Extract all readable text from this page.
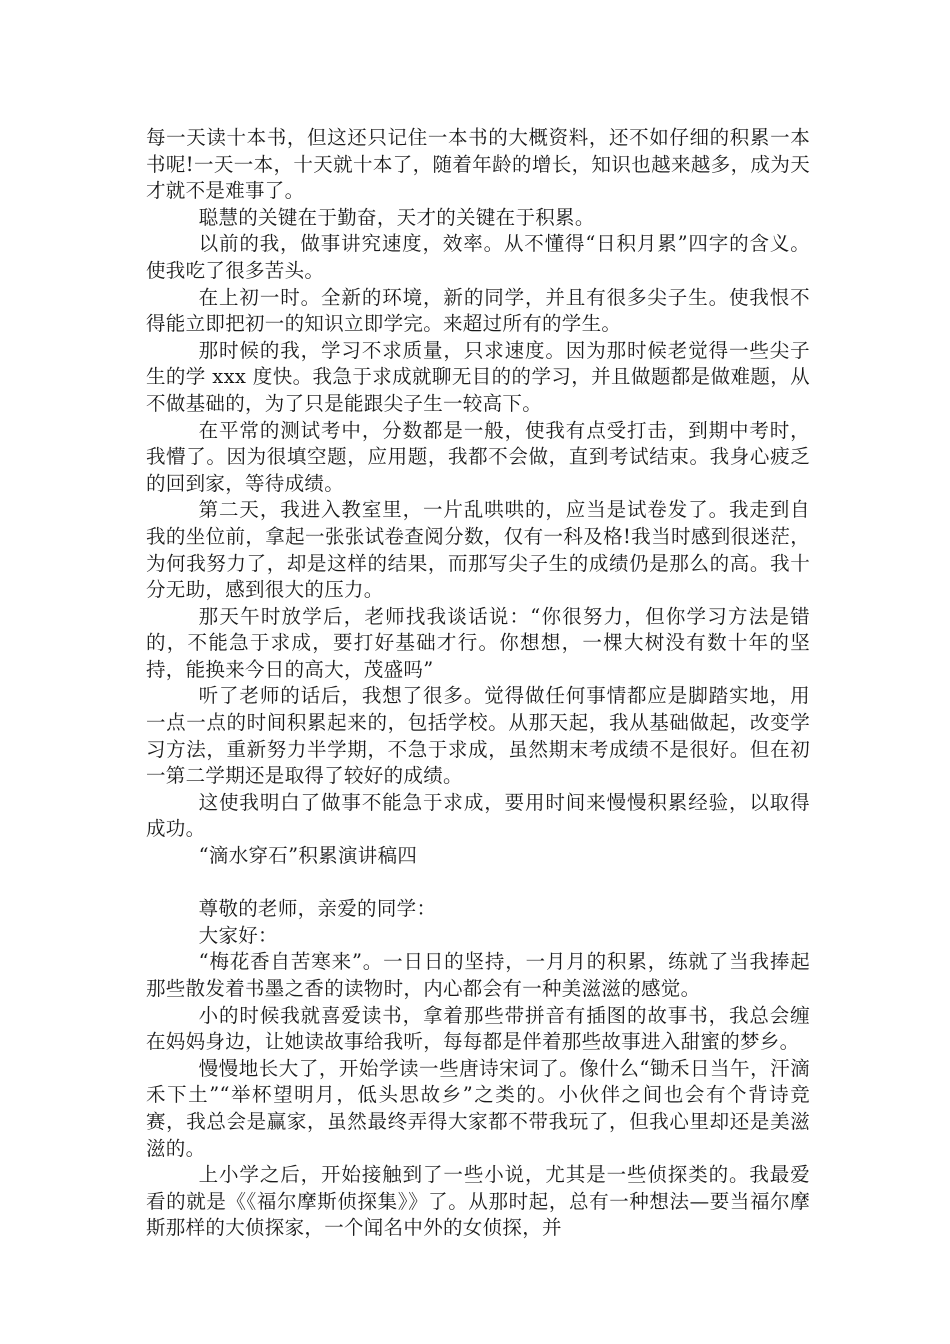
每一天读十本书，但这还只记住一本书的大概资料，还不如仔细的积累一本书呢!一天一本，十天就十本了，随着年龄的增长，知识也越来越多，成为天才就不是难事了。

聪慧的关键在于勤奋，天才的关键在于积累。

以前的我，做事讲究速度，效率。从不懂得“日积月累”四字的含义。使我吃了很多苦头。

在上初一时。全新的环境，新的同学，并且有很多尖子生。使我恨不得能立即把初一的知识立即学完。来超过所有的学生。

那时候的我，学习不求质量，只求速度。因为那时候老觉得一些尖子生的学 xxx 度快。我急于求成就聊无目的的学习，并且做题都是做难题，从不做基础的，为了只是能跟尖子生一较高下。

在平常的测试考中，分数都是一般，使我有点受打击，到期中考时，我懵了。因为很填空题，应用题，我都不会做，直到考试结束。我身心疲乏的回到家，等待成绩。

第二天，我进入教室里，一片乱哄哄的，应当是试卷发了。我走到自我的坐位前，拿起一张张试卷查阅分数，仅有一科及格!我当时感到很迷茫，为何我努力了，却是这样的结果，而那写尖子生的成绩仍是那么的高。我十分无助，感到很大的压力。

那天午时放学后，老师找我谈话说：“你很努力，但你学习方法是错的，不能急于求成，要打好基础才行。你想想，一棵大树没有数十年的坚持，能换来今日的高大，茂盛吗”

听了老师的话后，我想了很多。觉得做任何事情都应是脚踏实地，用一点一点的时间积累起来的，包括学校。从那天起，我从基础做起，改变学习方法，重新努力半学期，不急于求成，虽然期末考成绩不是很好。但在初一第二学期还是取得了较好的成绩。

这使我明白了做事不能急于求成，要用时间来慢慢积累经验，以取得成功。

“滴水穿石”积累演讲稿四

尊敬的老师，亲爱的同学：

大家好：

“梅花香自苦寒来”。一日日的坚持，一月月的积累，练就了当我捧起那些散发着书墨之香的读物时，内心都会有一种美滋滋的感觉。

小的时候我就喜爱读书，拿着那些带拼音有插图的故事书，我总会缠在妈妈身边，让她读故事给我听，每每都是伴着那些故事进入甜蜜的梦乡。

慢慢地长大了，开始学读一些唐诗宋词了。像什么“锄禾日当午，汗滴禾下土”“举杯望明月，低头思故乡”之类的。小伙伴之间也会有个背诗竞赛，我总会是赢家，虽然最终弄得大家都不带我玩了，但我心里却还是美滋滋的。

上小学之后，开始接触到了一些小说，尤其是一些侦探类的。我最爱看的就是《《福尔摩斯侦探集》》了。从那时起，总有一种想法—要当福尔摩斯那样的大侦探家，一个闻名中外的女侦探，并
